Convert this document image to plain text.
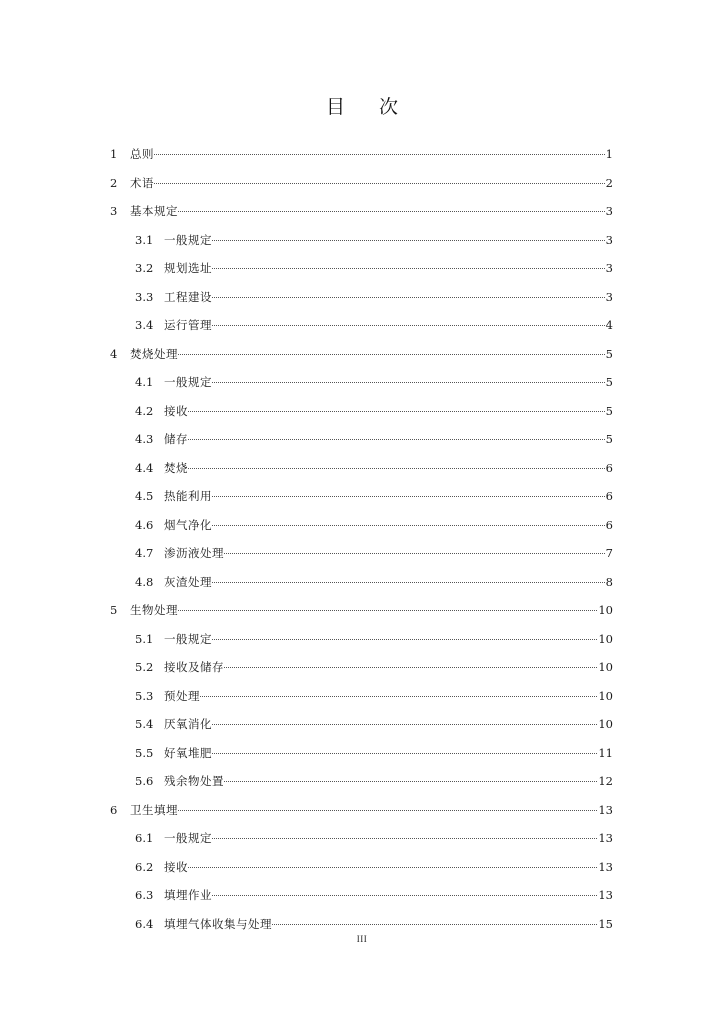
目 次
1	总则	1
2	术语	2
3	基本规定	3
3.1 一般规定	3
3.2 规划选址	3
3.3 工程建设	3
3.4 运行管理	4
4	焚烧处理	5
4.1 一般规定	5
4.2 接收	5
4.3 储存	5
4.4 焚烧	6
4.5 热能利用	6
4.6 烟气净化	6
4.7 渗沥液处理	7
4.8 灰渣处理	8
5	生物处理	10
5.1 一般规定	10
5.2 接收及储存	10
5.3 预处理	10
5.4 厌氧消化	10
5.5 好氧堆肥	11
5.6 残余物处置	12
6	卫生填埋	13
6.1 一般规定	13
6.2 接收	13
6.3 填埋作业	13
6.4 填埋气体收集与处理	15
III
